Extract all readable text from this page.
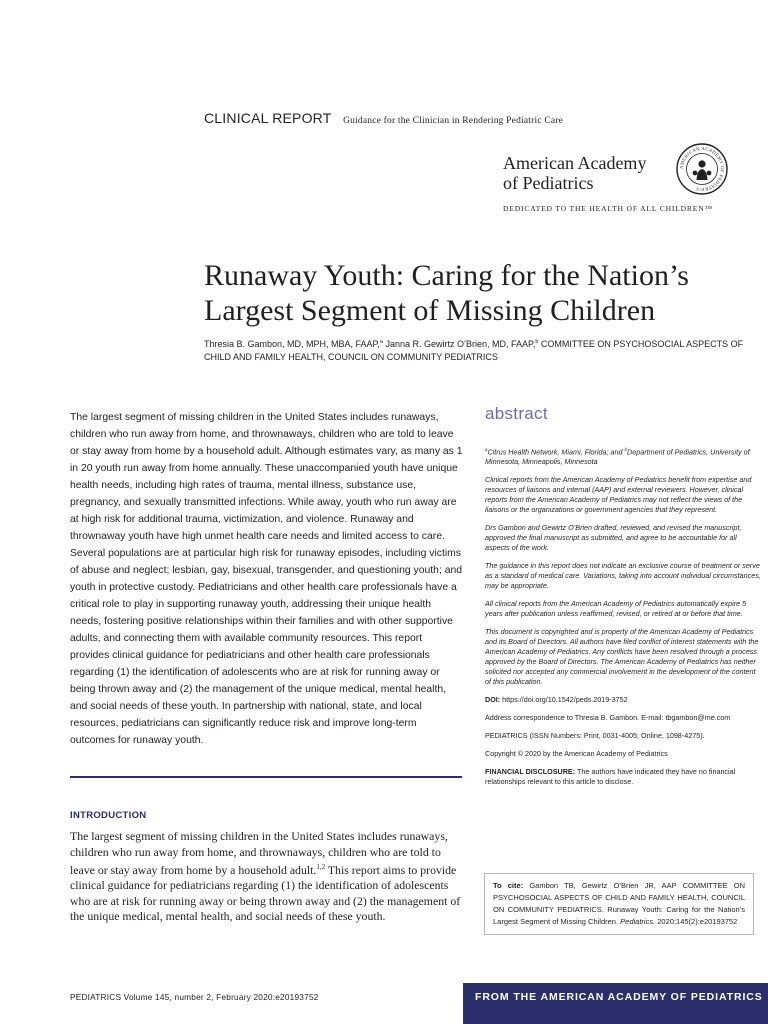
CLINICAL REPORT Guidance for the Clinician in Rendering Pediatric Care
American Academy
of Pediatrics
AMERICAN ACADEMY OF PEDIATRICS
DEDICATED TO THE HEALTH OF ALL CHILDREN™
Runaway Youth: Caring for the Nation’s
Largest Segment of Missing Children
Thresia B. Gambon, MD, MPH, MBA, FAAP,$^a$ Janna R. Gewirtz O’Brien, MD, FAAP,$^b$ COMMITTEE ON PSYCHOSOCIAL ASPECTS OF CHILD AND FAMILY HEALTH, COUNCIL ON COMMUNITY PEDIATRICS
The largest segment of missing children in the United States includes runaways, children who run away from home, and thrownaways, children who are told to leave or stay away from home by a household adult. Although estimates vary, as many as 1 in 20 youth run away from home annually. These unaccompanied youth have unique health needs, including high rates of trauma, mental illness, substance use, pregnancy, and sexually transmitted infections. While away, youth who run away are at high risk for additional trauma, victimization, and violence. Runaway and thrownaway youth have high unmet health care needs and limited access to care. Several populations are at particular high risk for runaway episodes, including victims of abuse and neglect; lesbian, gay, bisexual, transgender, and questioning youth; and youth in protective custody. Pediatricians and other health care professionals have a critical role to play in supporting runaway youth, addressing their unique health needs, fostering positive relationships within their families and with other supportive adults, and connecting them with available community resources. This report provides clinical guidance for pediatricians and other health care professionals regarding (1) the identification of adolescents who are at risk for running away or being thrown away and (2) the management of the unique medical, mental health, and social needs of these youth. In partnership with national, state, and local resources, pediatricians can significantly reduce risk and improve long-term outcomes for runaway youth.
INTRODUCTION
The largest segment of missing children in the United States includes runaways, children who run away from home, and thrownaways, children who are told to leave or stay away from home by a household adult.$^{1,2}$ This report aims to provide clinical guidance for pediatricians regarding (1) the identification of adolescents who are at risk for running away or being thrown away and (2) the management of the unique medical, mental health, and social needs of these youth.
abstract

$^a$Citrus Health Network, Miami, Florida; and $^b$Department of Pediatrics, University of Minnesota, Minneapolis, Minnesota

Clinical reports from the American Academy of Pediatrics benefit from expertise and resources of liaisons and internal (AAP) and external reviewers. However, clinical reports from the American Academy of Pediatrics may not reflect the views of the liaisons or the organizations or government agencies that they represent.

Drs Gambon and Gewirtz O’Brien drafted, reviewed, and revised the manuscript, approved the final manuscript as submitted, and agree to be accountable for all aspects of the work.

The guidance in this report does not indicate an exclusive course of treatment or serve as a standard of medical care. Variations, taking into account individual circumstances, may be appropriate.

All clinical reports from the American Academy of Pediatrics automatically expire 5 years after publication unless reaffirmed, revised, or retired at or before that time.

This document is copyrighted and is property of the American Academy of Pediatrics and its Board of Directors. All authors have filed conflict of interest statements with the American Academy of Pediatrics. Any conflicts have been resolved through a process approved by the Board of Directors. The American Academy of Pediatrics has neither solicited nor accepted any commercial involvement in the development of the content of this publication.

DOI: https://doi.org/10.1542/peds.2019-3752

Address correspondence to Thresia B. Gambon. E-mail: tbgambon@me.com

PEDIATRICS (ISSN Numbers: Print, 0031-4005; Online, 1098-4275).

Copyright © 2020 by the American Academy of Pediatrics

FINANCIAL DISCLOSURE: The authors have indicated they have no financial relationships relevant to this article to disclose.

To cite: Gambon TB, Gewirtz O’Brien JR, AAP COMMITTEE ON PSYCHOSOCIAL ASPECTS OF CHILD AND FAMILY HEALTH, COUNCIL ON COMMUNITY PEDIATRICS. Runaway Youth: Caring for the Nation’s Largest Segment of Missing Children. Pediatrics. 2020;145(2):e20193752
PEDIATRICS Volume 145, number 2, February 2020:e20193752	FROM THE AMERICAN ACADEMY OF PEDIATRICS
